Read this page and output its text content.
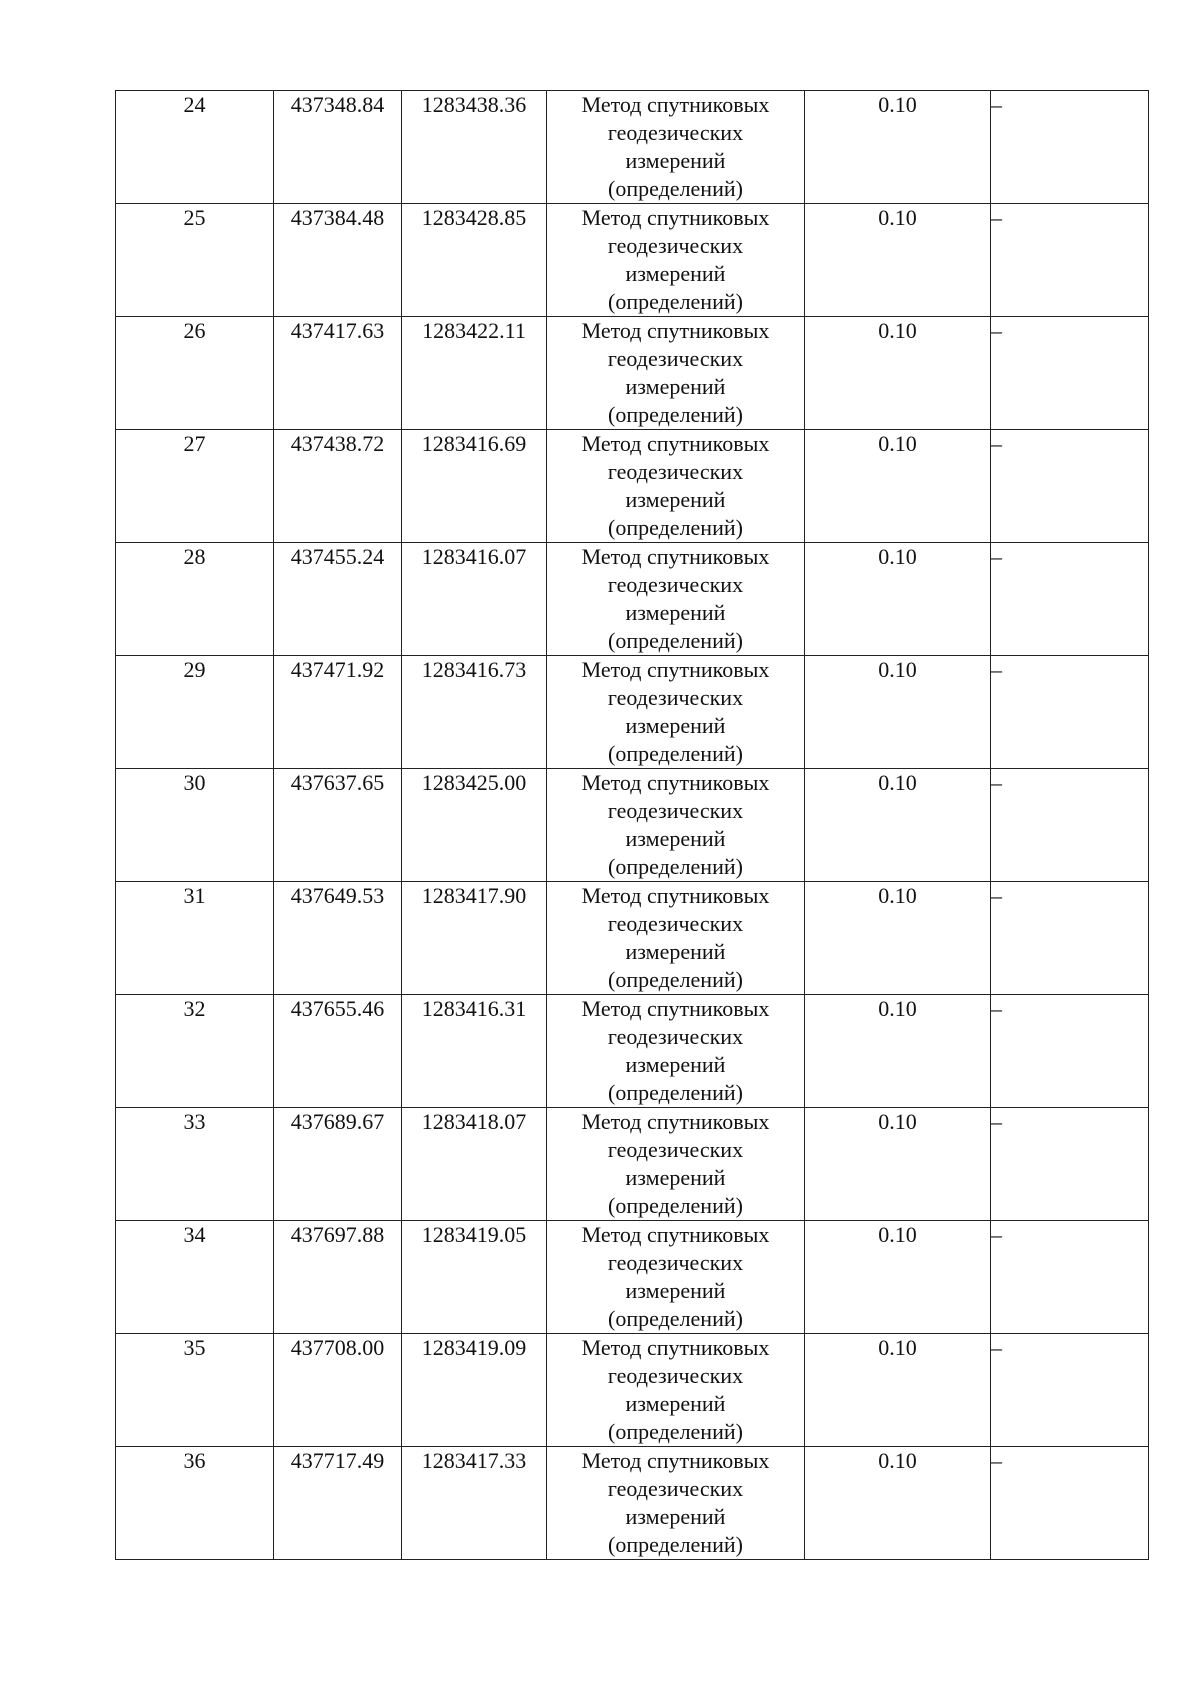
24	437348.84	1283438.36	Метод спутниковых
геодезических
измерений
(определений)	0.10	–
25	437384.48	1283428.85	Метод спутниковых
геодезических
измерений
(определений)	0.10	–
26	437417.63	1283422.11	Метод спутниковых
геодезических
измерений
(определений)	0.10	–
27	437438.72	1283416.69	Метод спутниковых
геодезических
измерений
(определений)	0.10	–
28	437455.24	1283416.07	Метод спутниковых
геодезических
измерений
(определений)	0.10	–
29	437471.92	1283416.73	Метод спутниковых
геодезических
измерений
(определений)	0.10	–
30	437637.65	1283425.00	Метод спутниковых
геодезических
измерений
(определений)	0.10	–
31	437649.53	1283417.90	Метод спутниковых
геодезических
измерений
(определений)	0.10	–
32	437655.46	1283416.31	Метод спутниковых
геодезических
измерений
(определений)	0.10	–
33	437689.67	1283418.07	Метод спутниковых
геодезических
измерений
(определений)	0.10	–
34	437697.88	1283419.05	Метод спутниковых
геодезических
измерений
(определений)	0.10	–
35	437708.00	1283419.09	Метод спутниковых
геодезических
измерений
(определений)	0.10	–
36	437717.49	1283417.33	Метод спутниковых
геодезических
измерений
(определений)	0.10	–
